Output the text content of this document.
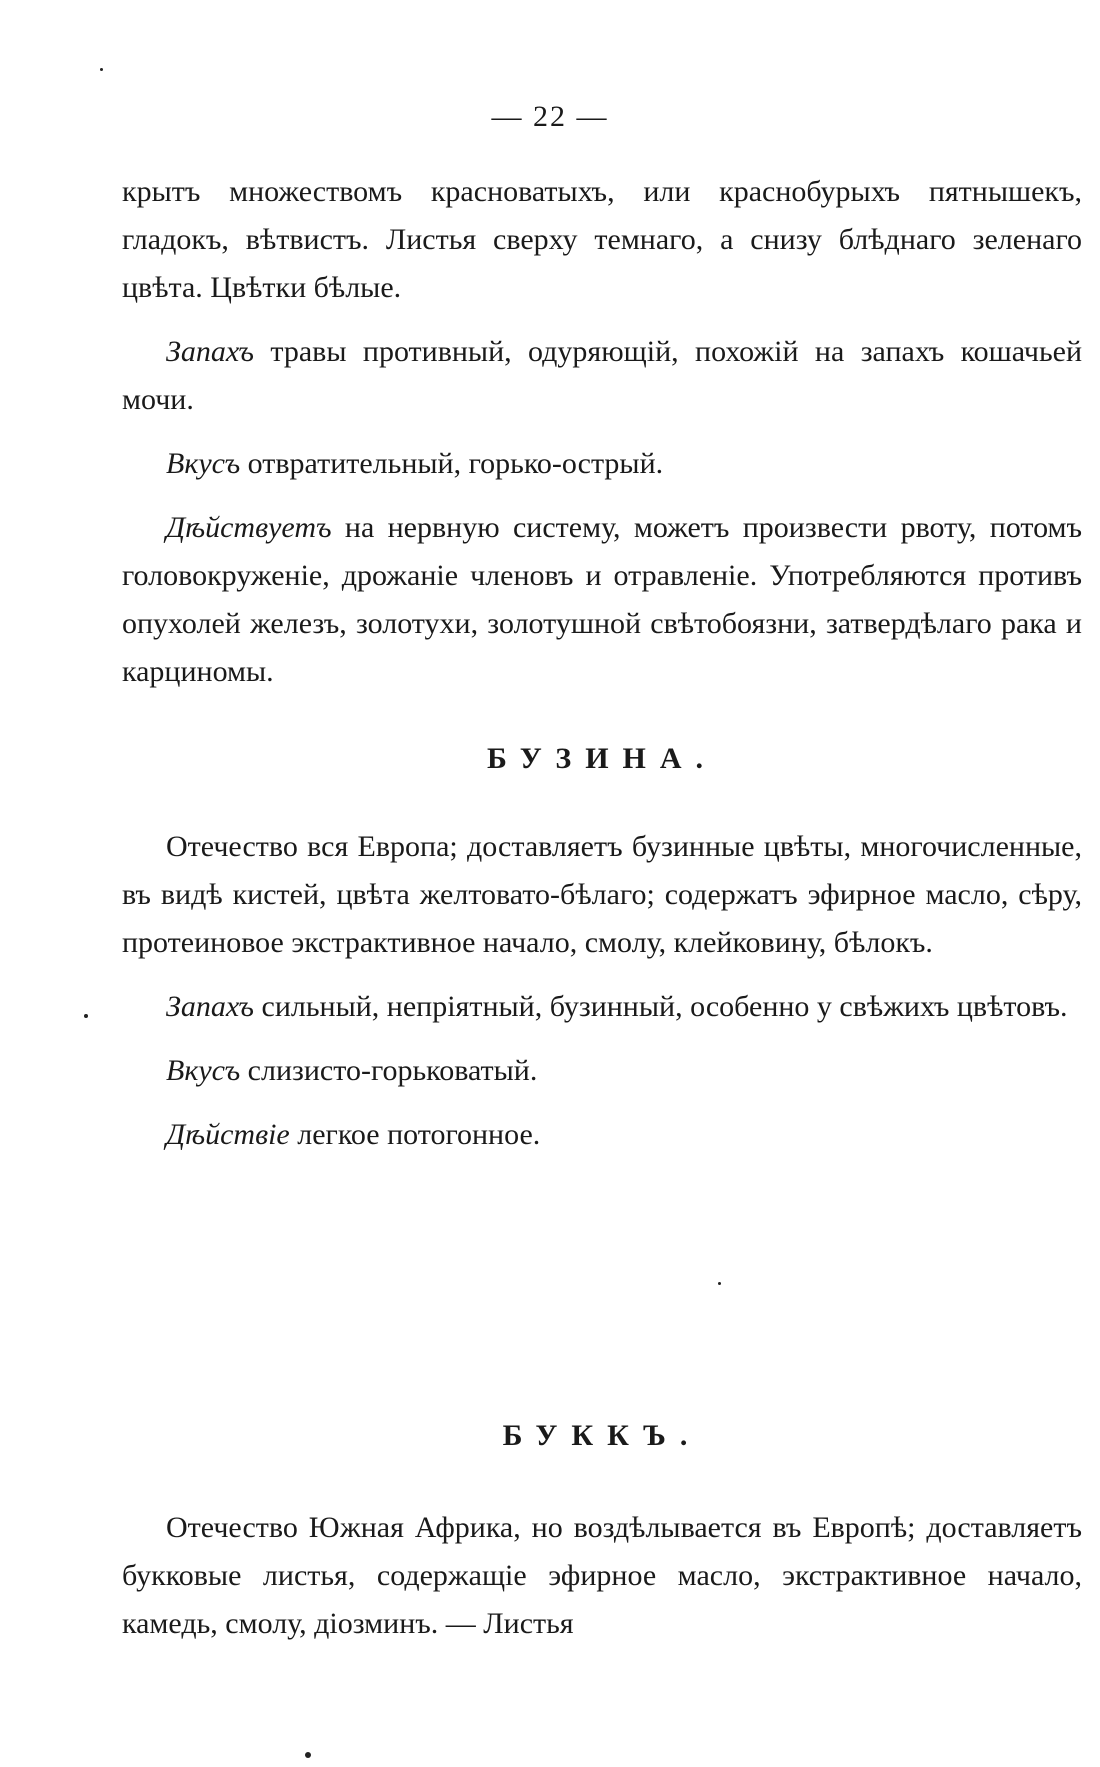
— 22 —

крытъ множествомъ красноватыхъ, или краснобурыхъ пятнышекъ, гладокъ, вѣтвистъ. Листья сверху темнаго, а снизу блѣднаго зеленаго цвѣта. Цвѣтки бѣлые.

Запахъ травы противный, одуряющій, похожій на запахъ кошачьей мочи.

Вкусъ отвратительный, горько-острый.

Дѣйствуетъ на нервную систему, можетъ произвести рвоту, потомъ головокруженіе, дрожаніе членовъ и отравленіе. Употребляются противъ опухолей железъ, золотухи, золотушной свѣтобоязни, затвердѣлаго рака и карциномы.

БУЗИНА.

Отечество вся Европа; доставляетъ бузинные цвѣты, многочисленные, въ видѣ кистей, цвѣта желтовато-бѣлаго; содержатъ эфирное масло, сѣру, протеиновое экстрактивное начало, смолу, клейковину, бѣлокъ.

Запахъ сильный, непріятный, бузинный, особенно у свѣжихъ цвѣтовъ.

Вкусъ слизисто-горьковатый.

Дѣйствіе легкое потогонное.

БУККЪ.

Отечество Южная Африка, но воздѣлывается въ Европѣ; доставляетъ букковые листья, содержащіе эфирное масло, экстрактивное начало, камедь, смолу, діозминъ. — Листья
